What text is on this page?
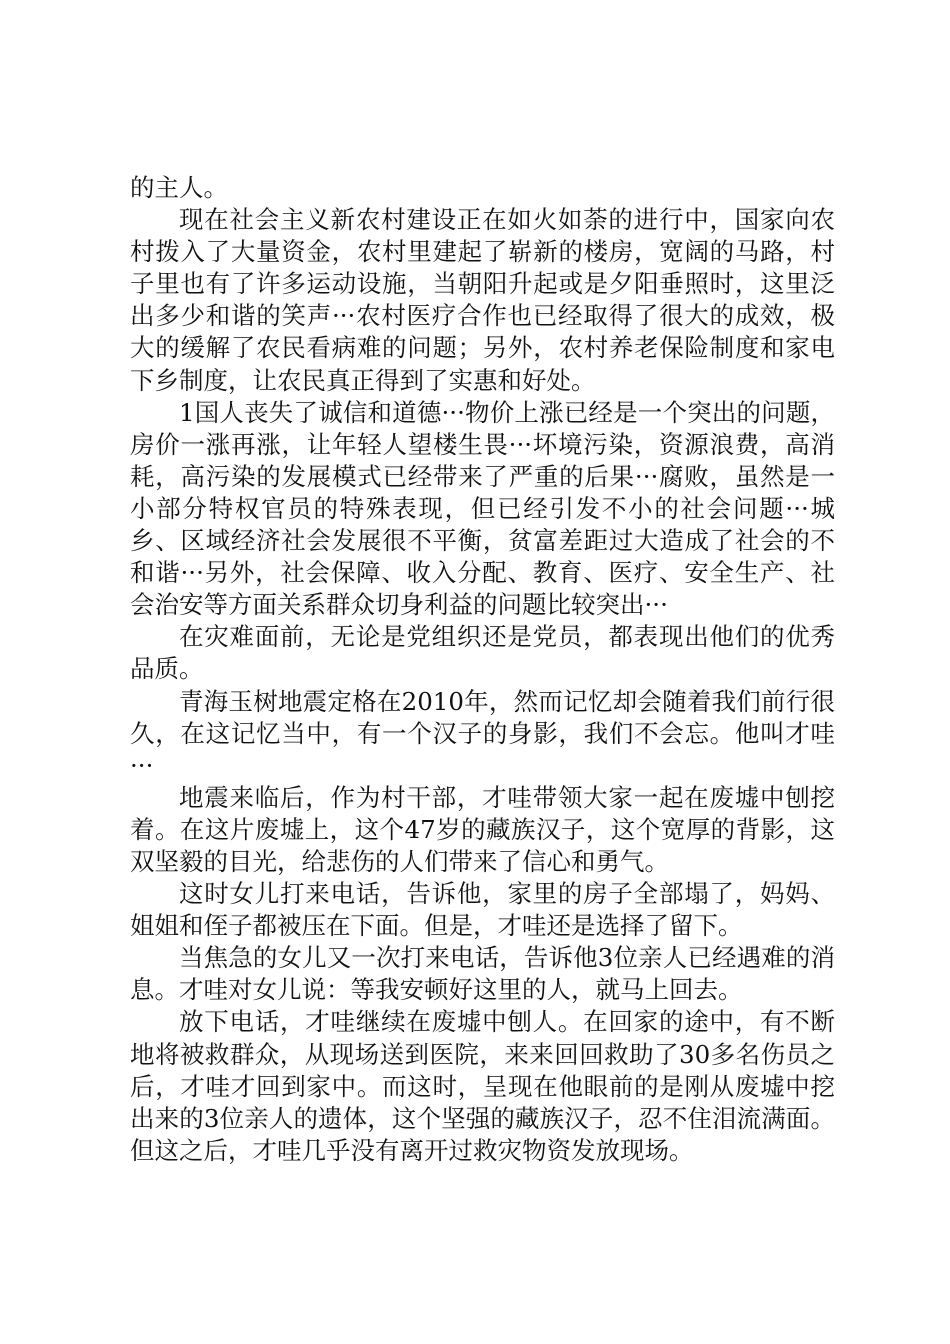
的主人。

现在社会主义新农村建设正在如火如荼的进行中，国家向农村拨入了大量资金，农村里建起了崭新的楼房，宽阔的马路，村子里也有了许多运动设施，当朝阳升起或是夕阳垂照时，这里泛出多少和谐的笑声···农村医疗合作也已经取得了很大的成效，极大的缓解了农民看病难的问题；另外，农村养老保险制度和家电下乡制度，让农民真正得到了实惠和好处。

1国人丧失了诚信和道德···物价上涨已经是一个突出的问题，房价一涨再涨，让年轻人望楼生畏···坏境污染，资源浪费，高消耗，高污染的发展模式已经带来了严重的后果···腐败，虽然是一小部分特权官员的特殊表现，但已经引发不小的社会问题···城乡、区域经济社会发展很不平衡，贫富差距过大造成了社会的不和谐···另外，社会保障、收入分配、教育、医疗、安全生产、社会治安等方面关系群众切身利益的问题比较突出···

在灾难面前，无论是党组织还是党员，都表现出他们的优秀品质。

青海玉树地震定格在2010年，然而记忆却会随着我们前行很久，在这记忆当中，有一个汉子的身影，我们不会忘。他叫才哇···

地震来临后，作为村干部，才哇带领大家一起在废墟中刨挖着。在这片废墟上，这个47岁的藏族汉子，这个宽厚的背影，这双坚毅的目光，给悲伤的人们带来了信心和勇气。

这时女儿打来电话，告诉他，家里的房子全部塌了，妈妈、姐姐和侄子都被压在下面。但是，才哇还是选择了留下。

当焦急的女儿又一次打来电话，告诉他3位亲人已经遇难的消息。才哇对女儿说：等我安顿好这里的人，就马上回去。

放下电话，才哇继续在废墟中刨人。在回家的途中，有不断地将被救群众，从现场送到医院，来来回回救助了30多名伤员之后，才哇才回到家中。而这时，呈现在他眼前的是刚从废墟中挖出来的3位亲人的遗体，这个坚强的藏族汉子，忍不住泪流满面。但这之后，才哇几乎没有离开过救灾物资发放现场。
